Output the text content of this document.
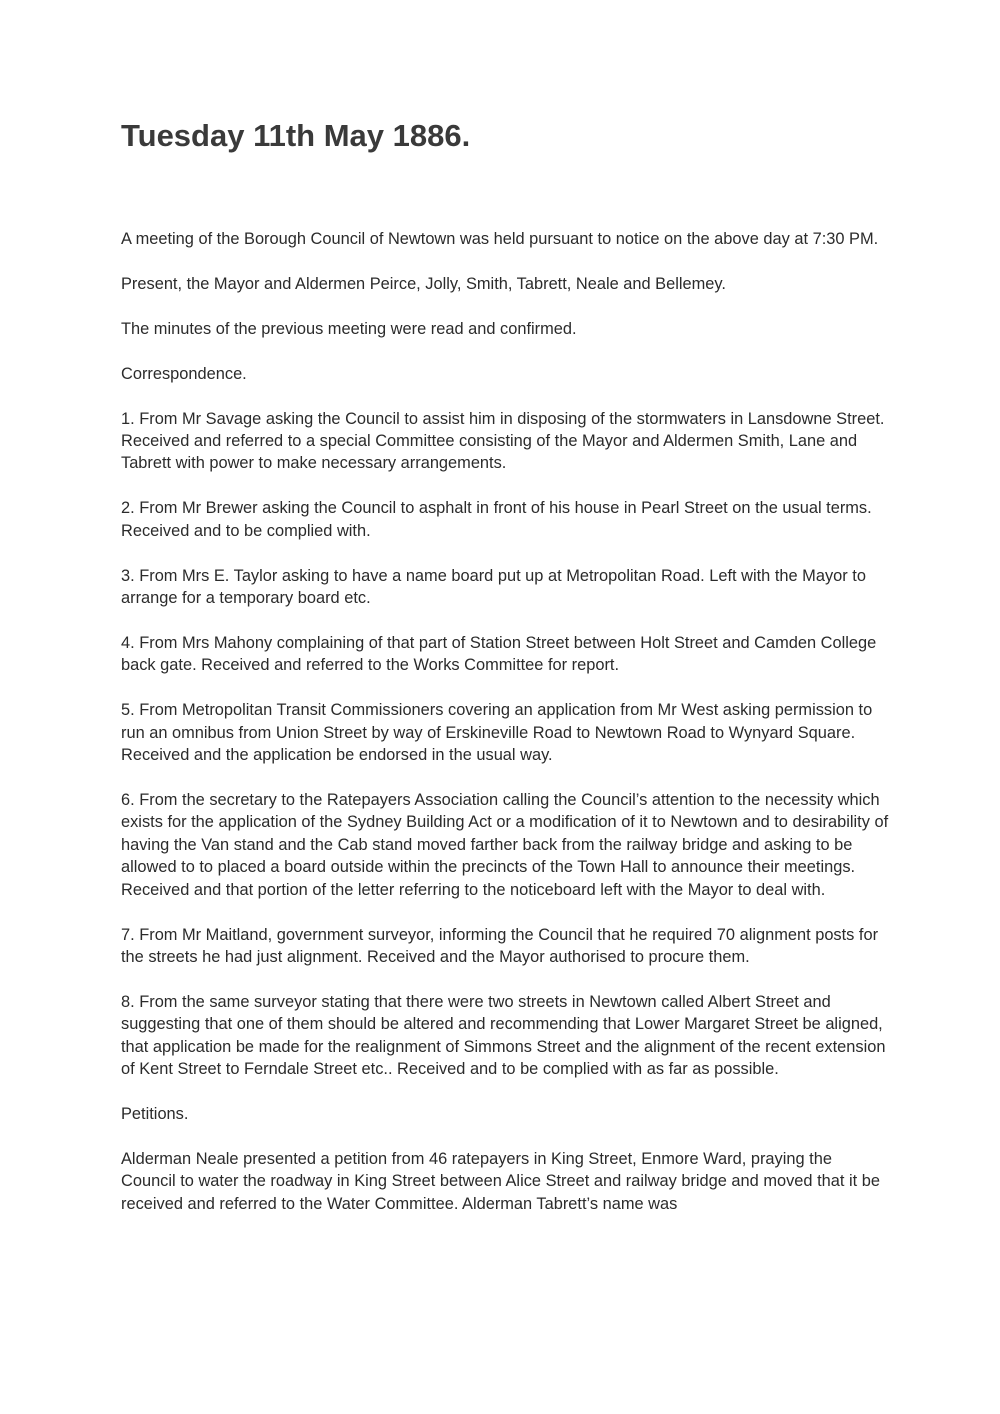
Tuesday 11th May 1886.

A meeting of the Borough Council of Newtown was held pursuant to notice on the above day at 7:30 PM.

Present, the Mayor and Aldermen Peirce, Jolly, Smith, Tabrett, Neale and Bellemey.

The minutes of the previous meeting were read and confirmed.

Correspondence.

1. From Mr Savage asking the Council to assist him in disposing of the stormwaters in Lansdowne Street. Received and referred to a special Committee consisting of the Mayor and Aldermen Smith, Lane and Tabrett with power to make necessary arrangements.

2. From Mr Brewer asking the Council to asphalt in front of his house in Pearl Street on the usual terms. Received and to be complied with.

3. From Mrs E. Taylor asking to have a name board put up at Metropolitan Road. Left with the Mayor to arrange for a temporary board etc.

4. From Mrs Mahony complaining of that part of Station Street between Holt Street and Camden College back gate. Received and referred to the Works Committee for report.

5. From Metropolitan Transit Commissioners covering an application from Mr West asking permission to run an omnibus from Union Street by way of Erskineville Road to Newtown Road to Wynyard Square. Received and the application be endorsed in the usual way.

6. From the secretary to the Ratepayers Association calling the Council’s attention to the necessity which exists for the application of the Sydney Building Act or a modification of it to Newtown and to desirability of having the Van stand and the Cab stand moved farther back from the railway bridge and asking to be allowed to to placed a board outside within the precincts of the Town Hall to announce their meetings. Received and that portion of the letter referring to the noticeboard left with the Mayor to deal with.

7. From Mr Maitland, government surveyor, informing the Council that he required 70 alignment posts for the streets he had just alignment. Received and the Mayor authorised to procure them.

8. From the same surveyor stating that there were two streets in Newtown called Albert Street and suggesting that one of them should be altered and recommending that Lower Margaret Street be aligned, that application be made for the realignment of Simmons Street and the alignment of the recent extension of Kent Street to Ferndale Street etc.. Received and to be complied with as far as possible.

Petitions.

Alderman Neale presented a petition from 46 ratepayers in King Street, Enmore Ward, praying the Council to water the roadway in King Street between Alice Street and railway bridge and moved that it be received and referred to the Water Committee. Alderman Tabrett’s name was
